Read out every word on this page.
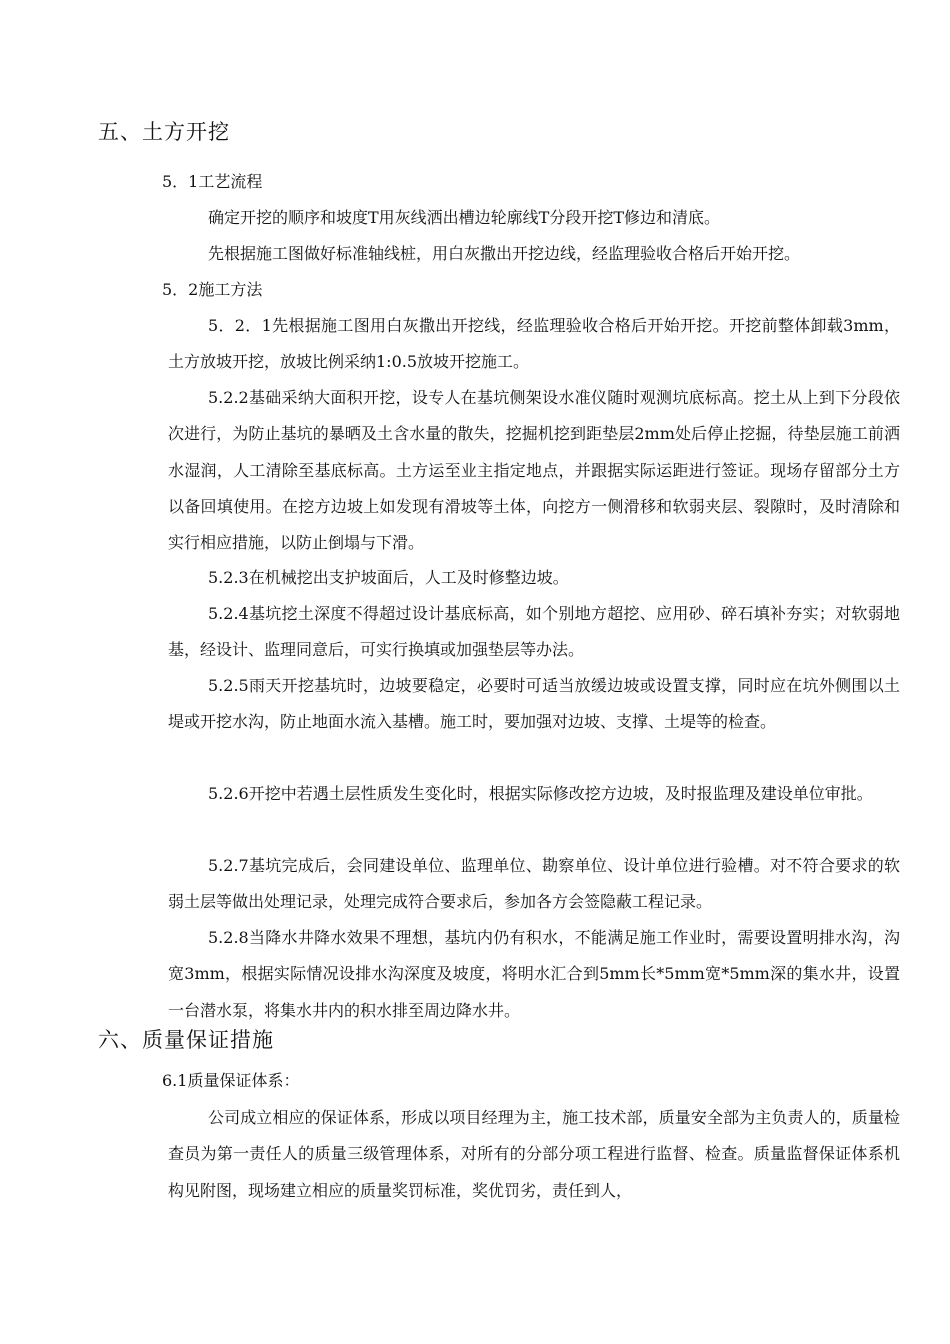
五、土方开挖
5．1工艺流程

确定开挖的顺序和坡度T用灰线洒出槽边轮廓线T分段开挖T修边和清底。

先根据施工图做好标准轴线桩，用白灰撒出开挖边线，经监理验收合格后开始开挖。

5．2施工方法

5．2．1先根据施工图用白灰撒出开挖线，经监理验收合格后开始开挖。开挖前整体卸载3mm，土方放坡开挖，放坡比例采纳1:0.5放坡开挖施工。

5.2.2基础采纳大面积开挖，设专人在基坑侧架设水准仪随时观测坑底标高。挖土从上到下分段依次进行，为防止基坑的暴晒及土含水量的散失，挖掘机挖到距垫层2mm处后停止挖掘，待垫层施工前洒水湿润，人工清除至基底标高。土方运至业主指定地点，并跟据实际运距进行签证。现场存留部分土方以备回填使用。在挖方边坡上如发现有滑坡等土体，向挖方一侧滑移和软弱夹层、裂隙时，及时清除和实行相应措施，以防止倒塌与下滑。

5.2.3在机械挖出支护坡面后，人工及时修整边坡。

5.2.4基坑挖土深度不得超过设计基底标高，如个别地方超挖、应用砂、碎石填补夯实；对软弱地基，经设计、监理同意后，可实行换填或加强垫层等办法。

5.2.5雨天开挖基坑时，边坡要稳定，必要时可适当放缓边坡或设置支撑，同时应在坑外侧围以土堤或开挖水沟，防止地面水流入基槽。施工时，要加强对边坡、支撑、土堤等的检查。

5.2.6开挖中若遇土层性质发生变化时，根据实际修改挖方边坡，及时报监理及建设单位审批。

5.2.7基坑完成后，会同建设单位、监理单位、勘察单位、设计单位进行验槽。对不符合要求的软弱土层等做出处理记录，处理完成符合要求后，参加各方会签隐蔽工程记录。

5.2.8当降水井降水效果不理想，基坑内仍有积水，不能满足施工作业时，需要设置明排水沟，沟宽3mm，根据实际情况设排水沟深度及坡度，将明水汇合到5mm长*5mm宽*5mm深的集水井，设置一台潜水泵，将集水井内的积水排至周边降水井。

六、质量保证措施
6.1质量保证体系：

公司成立相应的保证体系，形成以项目经理为主，施工技术部，质量安全部为主负责人的，质量检查员为第一责任人的质量三级管理体系，对所有的分部分项工程进行监督、检查。质量监督保证体系机构见附图，现场建立相应的质量奖罚标准，奖优罚劣，责任到人，
